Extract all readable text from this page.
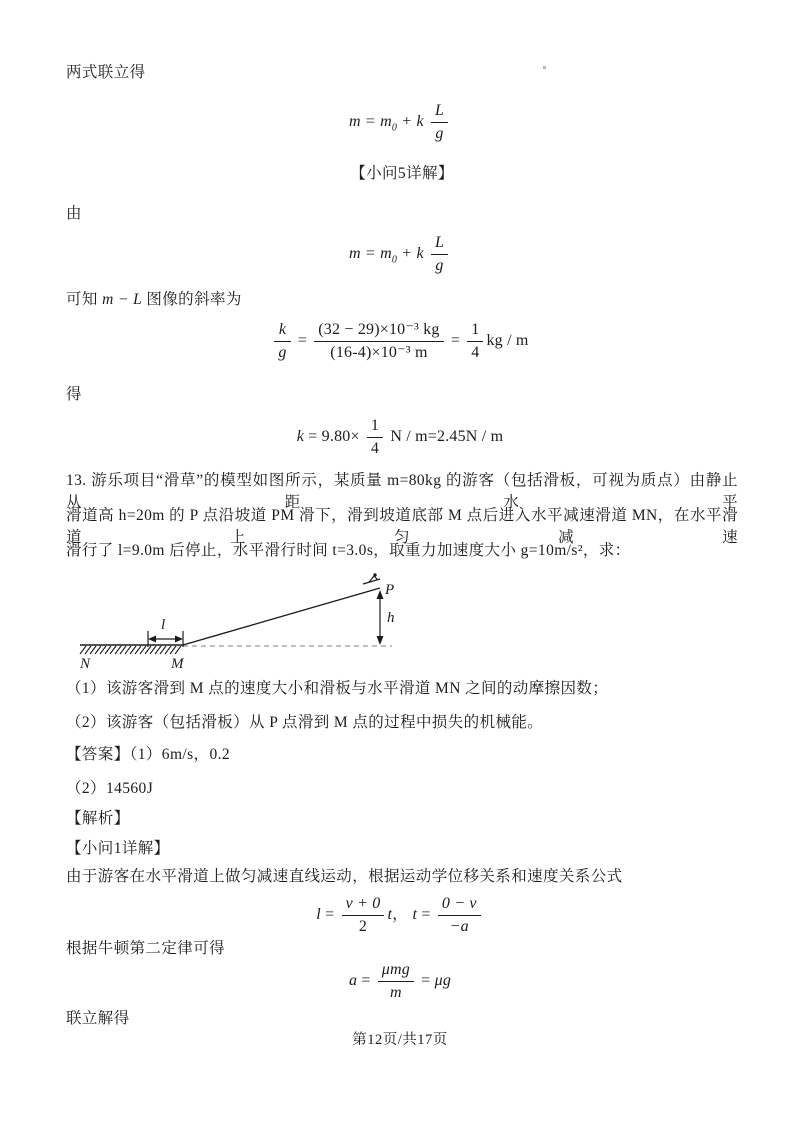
两式联立得
$m = m_0 + k \frac{L}{g}$
【小问5详解】
由
$m = m_0 + k \frac{L}{g}$
可知 m − L 图像的斜率为
$\frac{k}{g} = \frac{\text{(32 − 29)×10⁻³ kg}}{\text{(16-4)×10⁻³ m}} = \frac{1}{4}$ kg / m
得
$k = 9.80\times \frac{1}{4}$ N / m=2.45N / m
13. 游乐项目“滑草”的模型如图所示，某质量 m=80kg 的游客（包括滑板，可视为质点）由静止从距水平
滑道高 h=20m 的 P 点沿坡道 PM 滑下，滑到坡道底部 M 点后进入水平减速滑道 MN，在水平滑道上匀减速
滑行了 l=9.0m 后停止，水平滑行时间 t=3.0s，取重力加速度大小 g=10m/s²，求：
N	M
P
h
l
（1）该游客滑到 M 点的速度大小和滑板与水平滑道 MN 之间的动摩擦因数；
（2）该游客（包括滑板）从 P 点滑到 M 点的过程中损失的机械能。
【答案】（1）6m/s，0.2
（2）14560J
【解析】
【小问1详解】
由于游客在水平滑道上做匀减速直线运动，根据运动学位移关系和速度关系公式
$l = \frac{v + 0}{2}$ t， $t = \frac{0 - v}{-a}$
根据牛顿第二定律可得
$a = \frac{\text{μmg}}{m} = \mu g$
联立解得
第12页/共17页
